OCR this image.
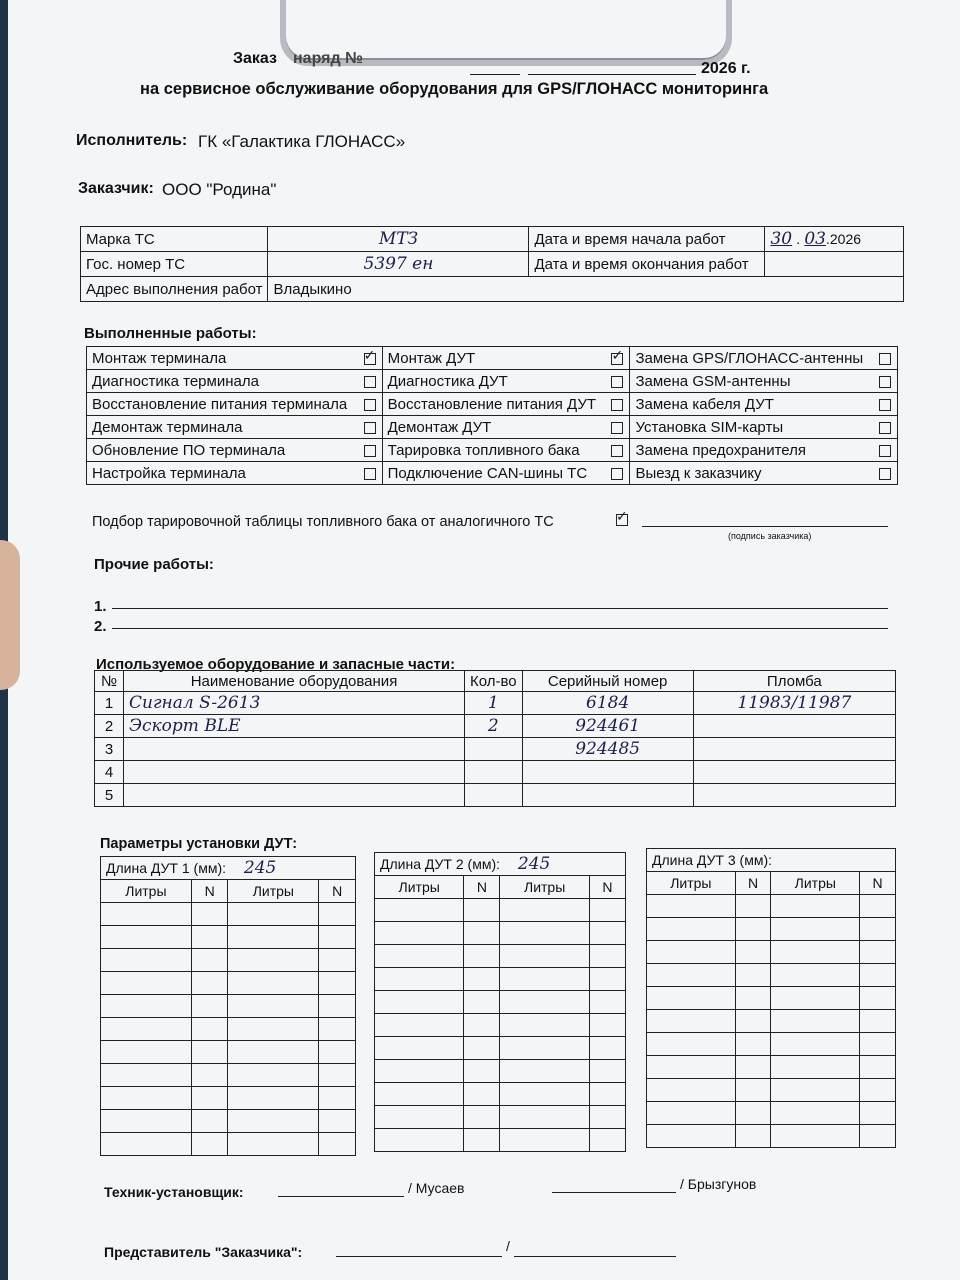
Заказ наряд №
2026 г.
на сервисное обслуживание оборудования для GPS/ГЛОНАСС мониторинга
Исполнитель: ГК «Галактика ГЛОНАСС»
Заказчик: ООО "Родина"
Марка ТС	МТЗ	Дата и время начала работ	30 . 03.2026
Гос. номер ТС	5397 ен	Дата и время окончания работ	
Адрес выполнения работ	Владыкино		
Выполненные работы:
Монтаж терминала	✓	Монтаж ДУТ	✓	Замена GPS/ГЛОНАСС-антенны	
Диагностика терминала		Диагностика ДУТ		Замена GSM-антенны	
Восстановление питания терминала		Восстановление питания ДУТ		Замена кабеля ДУТ	
Демонтаж терминала		Демонтаж ДУТ		Установка SIM-карты	
Обновление ПО терминала		Тарировка топливного бака		Замена предохранителя	
Настройка терминала		Подключение CAN-шины ТС		Выезд к заказчику	
Подбор тарировочной таблицы топливного бака от аналогичного ТС
✓
(подпись заказчика)
Прочие работы:
1.
2.
Используемое оборудование и запасные части:
№	Наименование оборудования	Кол-во	Серийный номер	Пломба
1	Сигнал S-2613	1	6184	11983/11987
2	Эскорт BLE	2	924461	
3			924485	
4				
5				
Параметры установки ДУТ:
Длина ДУТ 1 (мм): 245			
Литры	N	Литры	N

Длина ДУТ 2 (мм): 245			
Литры	N	Литры	N

Длина ДУТ 3 (мм):			
Литры	N	Литры	N

Техник-установщик:	/ Мусаев	/ Брызгунов
Представитель "Заказчика":	/
